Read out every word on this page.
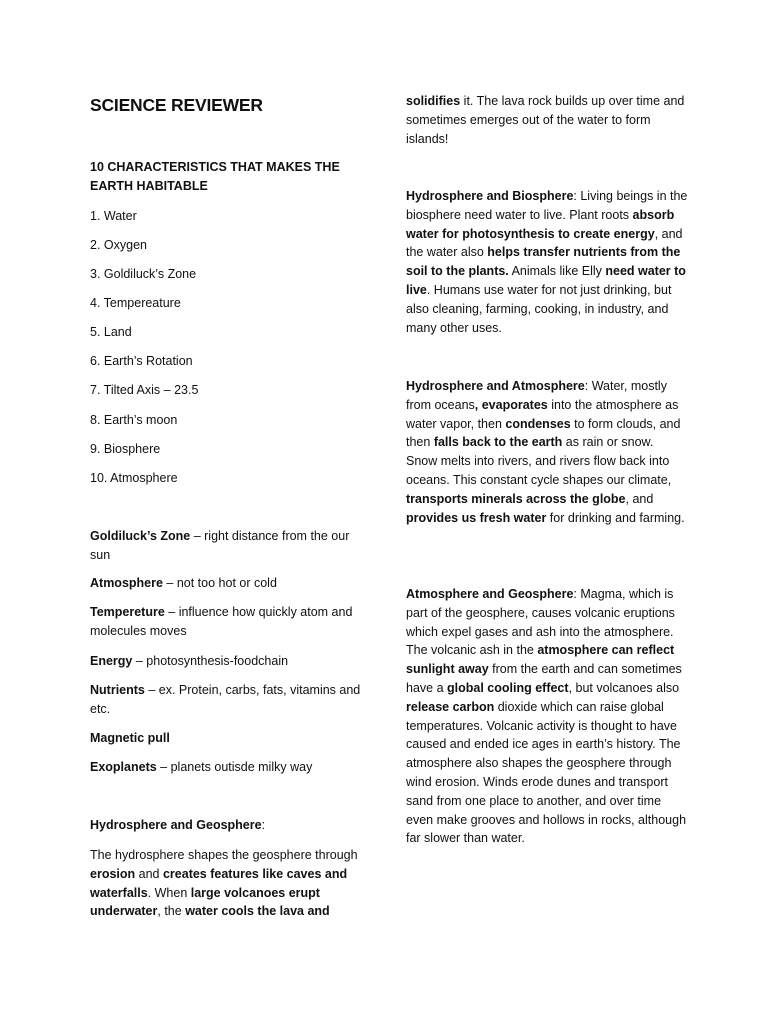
SCIENCE REVIEWER

10 CHARACTERISTICS THAT MAKES THE EARTH HABITABLE

1. Water

2. Oxygen

3. Goldiluck’s Zone

4. Tempereature

5. Land

6. Earth’s Rotation

7. Tilted Axis – 23.5

8. Earth’s moon

9. Biosphere

10. Atmosphere

Goldiluck’s Zone – right distance from the our sun

Atmosphere – not too hot or cold

Tempereture – influence how quickly atom and molecules moves

Energy – photosynthesis-foodchain

Nutrients – ex. Protein, carbs, fats, vitamins and etc.

Magnetic pull

Exoplanets – planets outisde milky way

Hydrosphere and Geosphere:

The hydrosphere shapes the geosphere through erosion and creates features like caves and waterfalls. When large volcanoes erupt underwater, the water cools the lava and

solidifies it. The lava rock builds up over time and sometimes emerges out of the water to form islands!

Hydrosphere and Biosphere: Living beings in the biosphere need water to live. Plant roots absorb water for photosynthesis to create energy, and the water also helps transfer nutrients from the soil to the plants. Animals like Elly need water to live. Humans use water for not just drinking, but also cleaning, farming, cooking, in industry, and many other uses.

Hydrosphere and Atmosphere: Water, mostly from oceans, evaporates into the atmosphere as water vapor, then condenses to form clouds, and then falls back to the earth as rain or snow. Snow melts into rivers, and rivers flow back into oceans. This constant cycle shapes our climate, transports minerals across the globe, and provides us fresh water for drinking and farming.

Atmosphere and Geosphere: Magma, which is part of the geosphere, causes volcanic eruptions which expel gases and ash into the atmosphere. The volcanic ash in the atmosphere can reflect sunlight away from the earth and can sometimes have a global cooling effect, but volcanoes also release carbon dioxide which can raise global temperatures. Volcanic activity is thought to have caused and ended ice ages in earth’s history. The atmosphere also shapes the geosphere through wind erosion. Winds erode dunes and transport sand from one place to another, and over time even make grooves and hollows in rocks, although far slower than water.
